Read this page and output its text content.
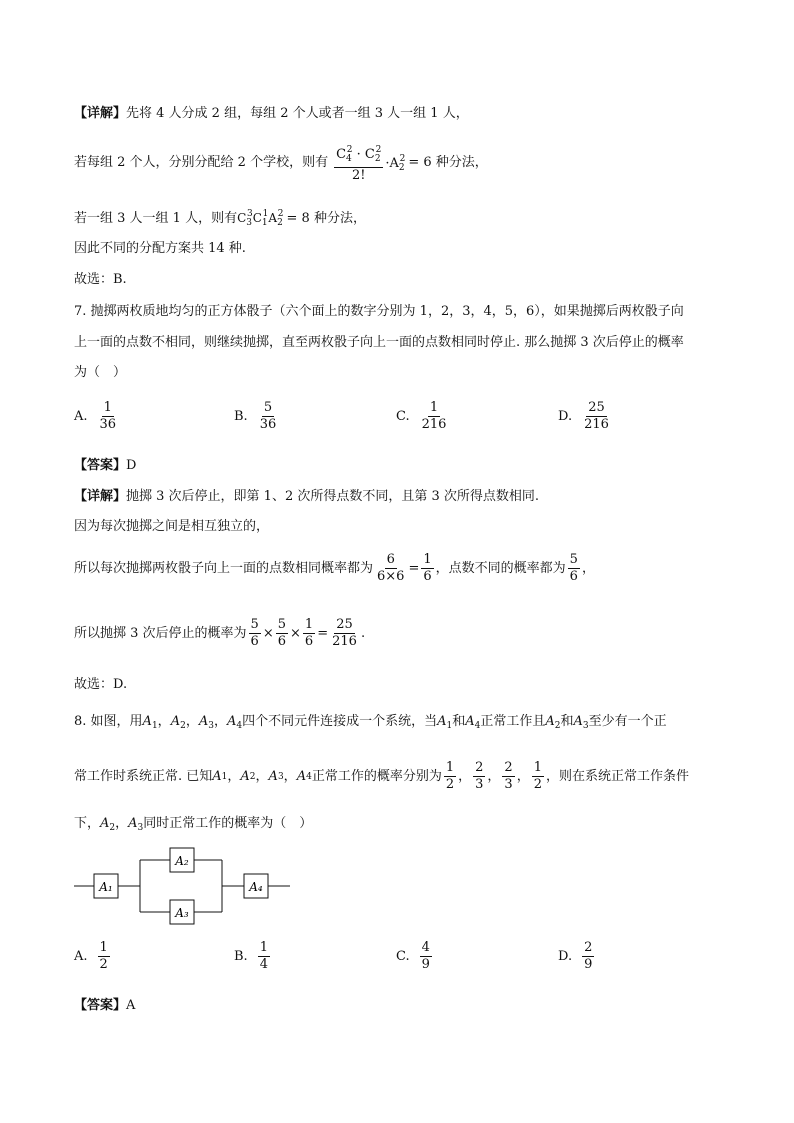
【详解】先将 4 人分成 2 组，每组 2 个人或者一组 3 人一组 1 人，
若每组 2 个人，分别分配给 2 个学校，则有 $\frac{C_4^2 \cdot C_2^2}{2!} \cdot A_2^2 = 6$ 种分法，
若一组 3 人一组 1 人，则有$C_3^3C_1^1A_2^2 = 8$ 种分法，
因此不同的分配方案共 14 种.
故选：B.
7. 抛掷两枚质地均匀的正方体骰子（六个面上的数字分别为 1，2，3，4，5，6），如果抛掷后两枚骰子向
上一面的点数不相同，则继续抛掷，直至两枚骰子向上一面的点数相同时停止. 那么抛掷 3 次后停止的概率
为（　）
A. $\frac{1}{36}$	B. $\frac{5}{36}$	C. $\frac{1}{216}$	D. $\frac{25}{216}$
【答案】D
【详解】抛掷 3 次后停止，即第 1、2 次所得点数不同，且第 3 次所得点数相同.
因为每次抛掷之间是相互独立的，
所以每次抛掷两枚骰子向上一面的点数相同概率都为 $\frac{6}{6\times 6} = \frac{1}{6}$ ，点数不同的概率都为 $\frac{5}{6}$ ，
所以抛掷 3 次后停止的概率为 $\frac{5}{6} \times \frac{5}{6} \times \frac{1}{6} = \frac{25}{216}$ .
故选：D.
8. 如图，用$A_1$，$A_2$，$A_3$，$A_4$四个不同元件连接成一个系统，当$A_1$和$A_4$正常工作且$A_2$和$A_3$至少有一个正
常工作时系统正常. 已知 A 1 ， A 2 ， A 3 ， A 4 正常工作的概率分别为 $\frac{1}{2}$ ， $\frac{2}{3}$ ， $\frac{2}{3}$ ， $\frac{1}{2}$ ，则在系统正常工作条件
下，$A_2$，$A_3$同时正常工作的概率为（　）
A₁
A₂
A₃
A₄
A. $\frac{1}{2}$	B. $\frac{1}{4}$	C. $\frac{4}{9}$	D. $\frac{2}{9}$
【答案】A
